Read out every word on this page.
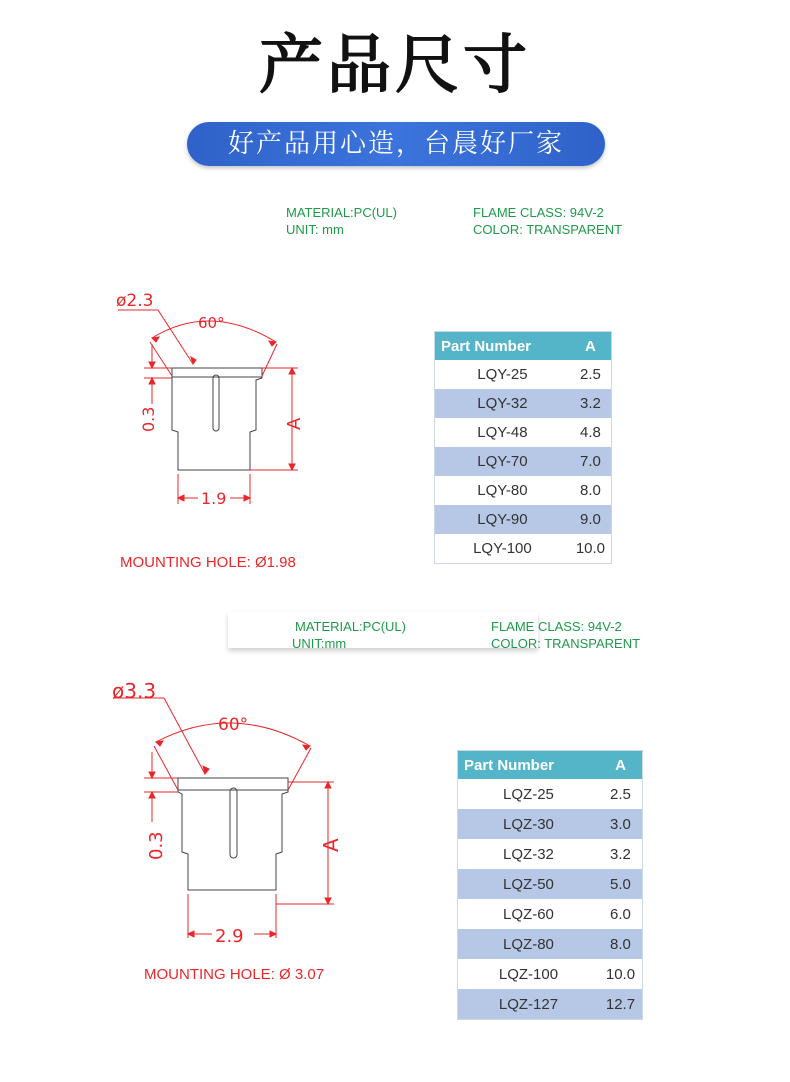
产品尺寸
好产品用心造，台晨好厂家
MATERIAL:PC(UL)
UNIT: mm
FLAME CLASS: 94V-2
COLOR: TRANSPARENT
ø2.3
60°
0.3	A
1.9
MOUNTING HOLE: Ø1.98
Part Number	A
LQY-25	2.5
LQY-32	3.2
LQY-48	4.8
LQY-70	7.0
LQY-80	8.0
LQY-90	9.0
LQY-100	10.0
MATERIAL:PC(UL)
UNIT:mm
FLAME CLASS: 94V-2
COLOR: TRANSPARENT
ø3.3
60°
0.3	A
2.9
MOUNTING HOLE: Ø 3.07
Part Number	A
LQZ-25	2.5
LQZ-30	3.0
LQZ-32	3.2
LQZ-50	5.0
LQZ-60	6.0
LQZ-80	8.0
LQZ-100	10.0
LQZ-127	12.7
